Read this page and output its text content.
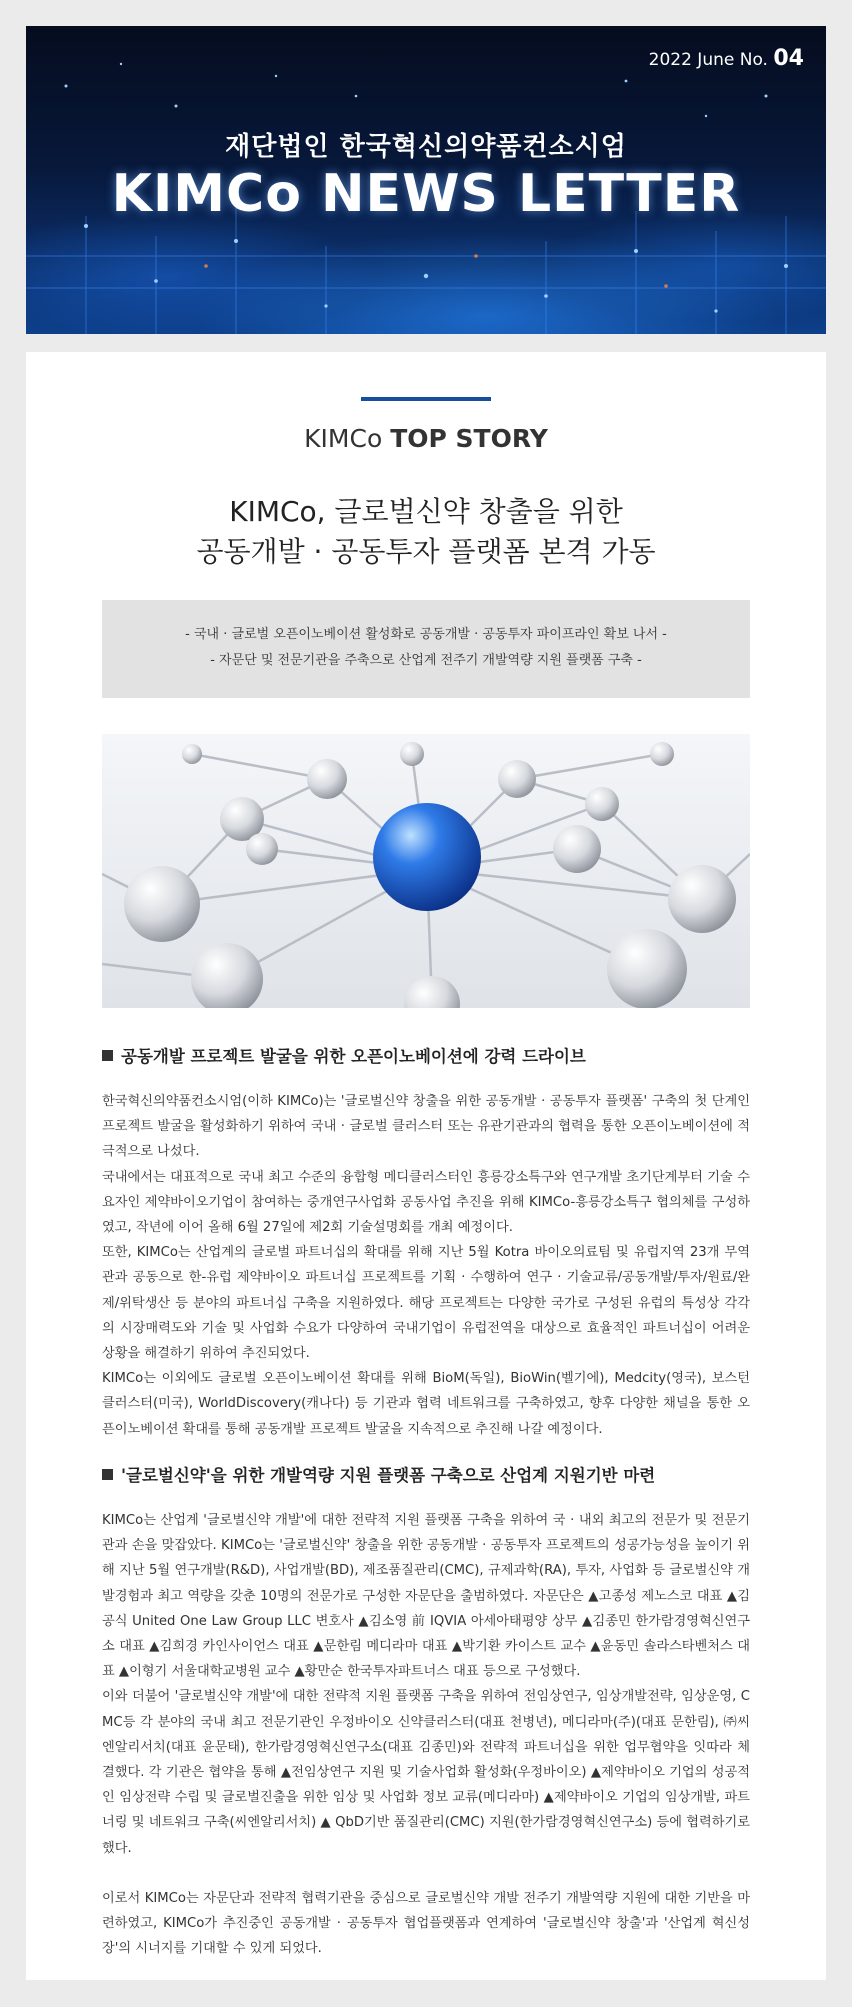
2022 June No. 04
재단법인 한국혁신의약품컨소시엄
KIMCo NEWS LETTER
KIMCo TOP STORY
KIMCo, 글로벌신약 창출을 위한
공동개발 · 공동투자 플랫폼 본격 가동
- 국내 · 글로벌 오픈이노베이션 활성화로 공동개발 · 공동투자 파이프라인 확보 나서 -
- 자문단 및 전문기관을 주축으로 산업계 전주기 개발역량 지원 플랫폼 구축 -
공동개발 프로젝트 발굴을 위한 오픈이노베이션에 강력 드라이브

한국혁신의약품컨소시엄(이하 KIMCo)는 '글로벌신약 창출을 위한 공동개발 · 공동투자 플랫폼' 구축의 첫 단계인 프로젝트 발굴을 활성화하기 위하여 국내 · 글로벌 클러스터 또는 유관기관과의 협력을 통한 오픈이노베이션에 적극적으로 나섰다.

국내에서는 대표적으로 국내 최고 수준의 융합형 메디클러스터인 흥릉강소특구와 연구개발 초기단계부터 기술 수요자인 제약바이오기업이 참여하는 중개연구사업화 공동사업 추진을 위해 KIMCo-흥릉강소특구 협의체를 구성하였고, 작년에 이어 올해 6월 27일에 제2회 기술설명회를 개최 예정이다.

또한, KIMCo는 산업계의 글로벌 파트너십의 확대를 위해 지난 5월 Kotra 바이오의료팀 및 유럽지역 23개 무역관과 공동으로 한-유럽 제약바이오 파트너십 프로젝트를 기획 · 수행하여 연구 · 기술교류/공동개발/투자/원료/완제/위탁생산 등 분야의 파트너십 구축을 지원하였다. 해당 프로젝트는 다양한 국가로 구성된 유럽의 특성상 각각의 시장매력도와 기술 및 사업화 수요가 다양하여 국내기업이 유럽전역을 대상으로 효율적인 파트너십이 어려운 상황을 해결하기 위하여 추진되었다.

KIMCo는 이외에도 글로벌 오픈이노베이션 확대를 위해 BioM(독일), BioWin(벨기에), Medcity(영국), 보스턴 클러스터(미국), WorldDiscovery(캐나다) 등 기관과 협력 네트워크를 구축하였고, 향후 다양한 채널을 통한 오픈이노베이션 확대를 통해 공동개발 프로젝트 발굴을 지속적으로 추진해 나갈 예정이다.

'글로벌신약'을 위한 개발역량 지원 플랫폼 구축으로 산업계 지원기반 마련

KIMCo는 산업계 '글로벌신약 개발'에 대한 전략적 지원 플랫폼 구축을 위하여 국 · 내외 최고의 전문가 및 전문기관과 손을 맞잡았다. KIMCo는 '글로벌신약' 창출을 위한 공동개발 · 공동투자 프로젝트의 성공가능성을 높이기 위해 지난 5월 연구개발(R&D), 사업개발(BD), 제조품질관리(CMC), 규제과학(RA), 투자, 사업화 등 글로벌신약 개발경험과 최고 역량을 갖춘 10명의 전문가로 구성한 자문단을 출범하였다. 자문단은 ▲고종성 제노스코 대표 ▲김공식 United One Law Group LLC 변호사 ▲김소영 前 IQVIA 아세아태평양 상무 ▲김종민 한가람경영혁신연구소 대표 ▲김희경 카인사이언스 대표 ▲문한림 메디라마 대표 ▲박기환 카이스트 교수 ▲윤동민 솔라스타벤처스 대표 ▲이형기 서울대학교병원 교수 ▲황만순 한국투자파트너스 대표 등으로 구성했다.

이와 더불어 '글로벌신약 개발'에 대한 전략적 지원 플랫폼 구축을 위하여 전임상연구, 임상개발전략, 임상운영, CMC등 각 분야의 국내 최고 전문기관인 우정바이오 신약클러스터(대표 천병년), 메디라마(주)(대표 문한림), ㈜씨엔알리서치(대표 윤문태), 한가람경영혁신연구소(대표 김종민)와 전략적 파트너십을 위한 업무협약을 잇따라 체결했다. 각 기관은 협약을 통해 ▲전임상연구 지원 및 기술사업화 활성화(우정바이오) ▲제약바이오 기업의 성공적인 임상전략 수립 및 글로벌진출을 위한 임상 및 사업화 정보 교류(메디라마) ▲제약바이오 기업의 임상개발, 파트너링 및 네트워크 구축(씨엔알리서치) ▲ QbD기반 품질관리(CMC) 지원(한가람경영혁신연구소) 등에 협력하기로 했다.

이로서 KIMCo는 자문단과 전략적 협력기관을 중심으로 글로벌신약 개발 전주기 개발역량 지원에 대한 기반을 마련하였고, KIMCo가 추진중인 공동개발 · 공동투자 협업플랫폼과 연계하여 '글로벌신약 창출'과 '산업계 혁신성장'의 시너지를 기대할 수 있게 되었다.
